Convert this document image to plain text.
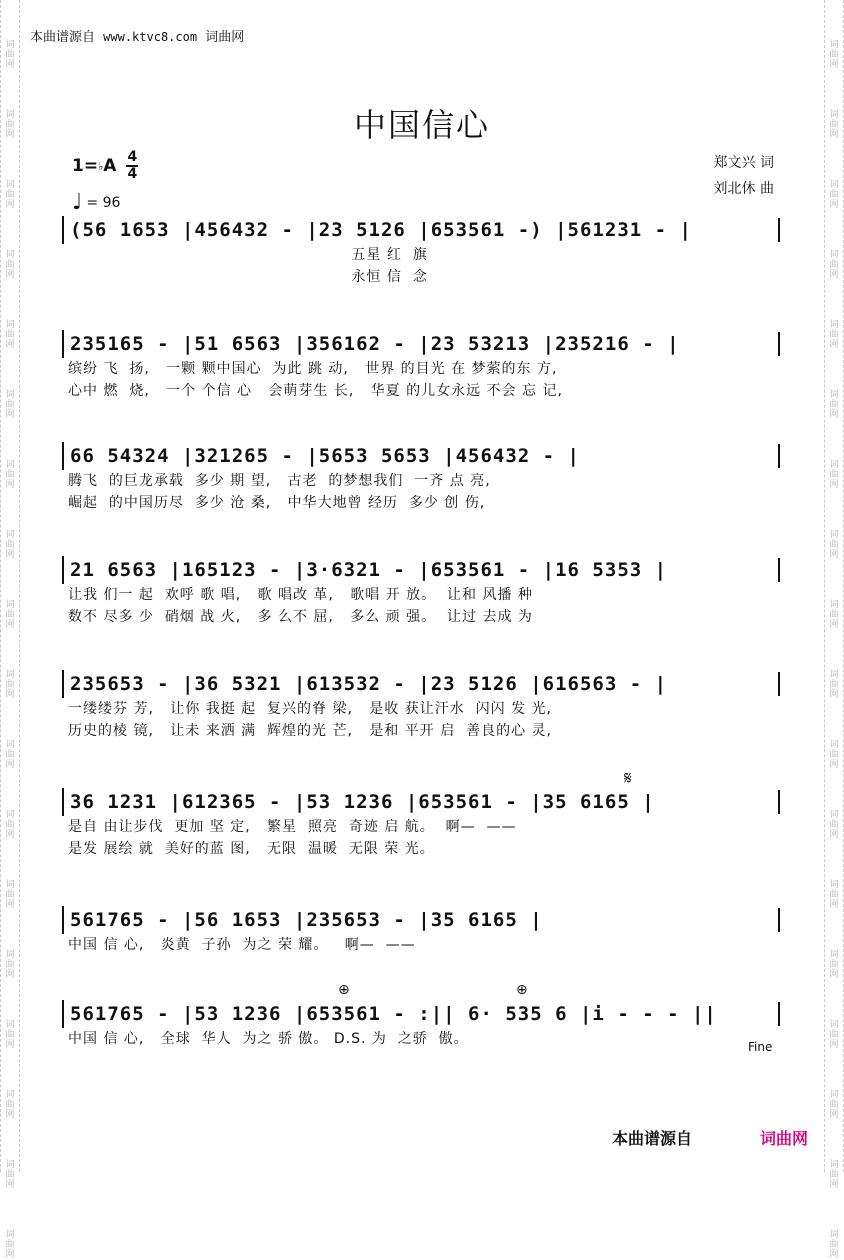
词
曲
网
词
曲
网
词
曲
网
词
曲
网
词
曲
网
词
曲
网
词
曲
网
词
曲
网
词
曲
网
词
曲
网
词
曲
网
词
曲
网
词
曲
网
词
曲
网
词
曲
网
词
曲
网
词
曲
网
词
曲
网
词
曲
网
词
曲
网
词
曲
网
词
曲
网
词
曲
网
词
曲
网
词
曲
网
词
曲
网
词
曲
网
词
曲
网
词
曲
网
词
曲
网
词
曲
网
词
曲
网
词
曲
网
词
曲
网
词
曲
网
词
曲
网
本曲谱源自 www.ktvc8.com 词曲网
中国信心
1= ♭ A $\frac{4}{4}$
♩ = 96
郑文兴 词
刘北休 曲
(56 1653 |456432 - |23 5126 |653561 -) |561231 - |
五星 红  旗
永恒 信  念
235165 - |51 6563 |356162 - |23 53213 |235216 - |
缤纷 飞  扬,   一颗 颗中国心  为此 跳 动,   世界 的目光 在 梦萦的东 方,
心中 燃  烧,   一个 个信 心   会萌芽生 长,   华夏 的儿女永远 不会 忘 记,
66 54324 |321265 - |5653 5653 |456432 - |
腾飞  的巨龙承载  多少 期 望,   古老  的梦想我们  一齐 点 亮,
崛起  的中国历尽  多少 沧 桑,   中华大地曾 经历  多少 创 伤,
21 6563 |165123 - |3·6321 - |653561 - |16 5353 |
让我 们一 起  欢呼 歌 唱,   歌 唱改 革,   歌唱 开 放。  让和 风播 种
数不 尽多 少  硝烟 战 火,   多 么不 屈,   多么 顽 强。  让过 去成 为
235653 - |36 5321 |613532 - |23 5126 |616563 - |
一缕缕芬 芳,   让你 我挺 起  复兴的脊 梁,   是收 获让汗水  闪闪 发 光,
历史的棱 镜,   让未 来洒 满  辉煌的光 芒,   是和 平开 启  善良的心 灵,
𝄋
36 1231 |612365 - |53 1236 |653561 - |35 6165 |
是自 由让步伐  更加 坚 定,   繁星  照亮  奇迹 启 航。  啊—  ——
是发 展绘 就  美好的蓝 图,   无限  温暖  无限 荣 光。
561765 - |56 1653 |235653 - |35 6165 |
中国 信 心,   炎黄  子孙  为之 荣 耀。   啊—  ——
⊕	⊕
561765 - |53 1236 |653561 - :|| 6· 535 6 |i - - - ||
中国 信 心,   全球  华人  为之 骄 傲。 D.S. 为  之骄  傲。	Fine
本曲谱源自	词曲网
